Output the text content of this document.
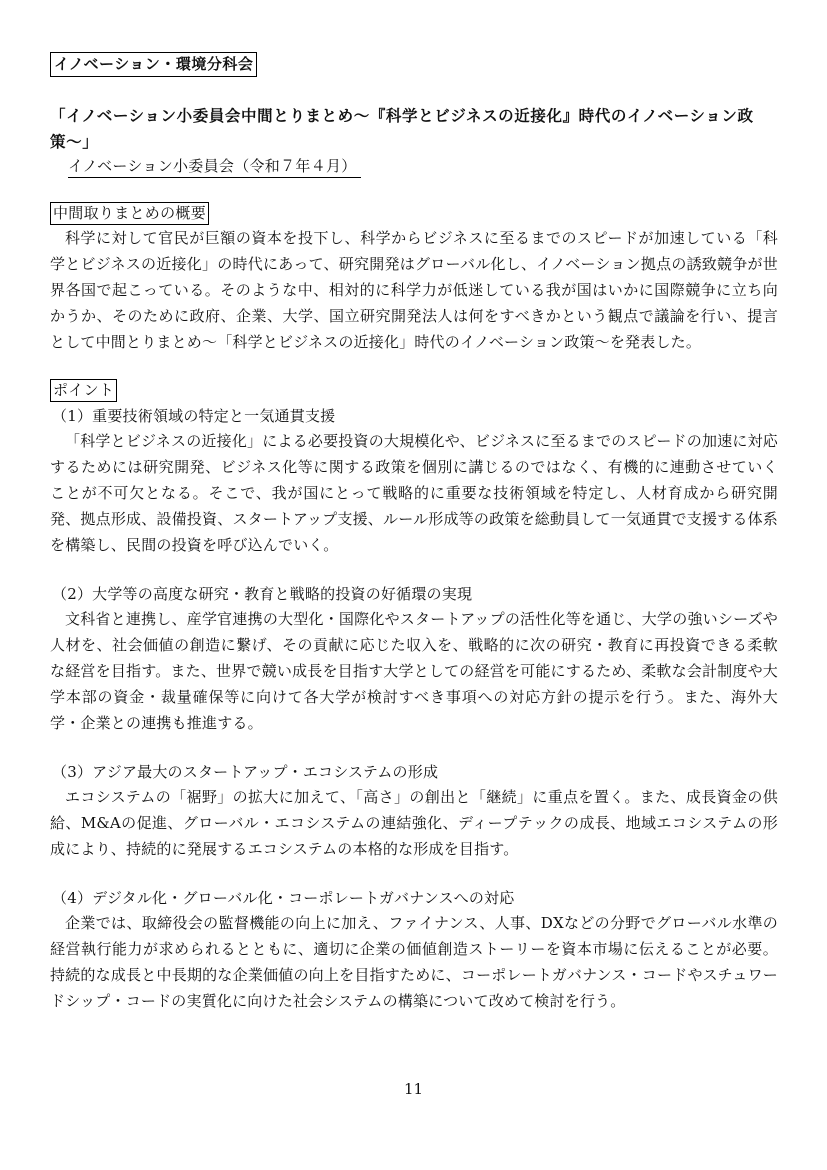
イノベーション・環境分科会
「イノベーション小委員会中間とりまとめ〜『科学とビジネスの近接化』時代のイノベーション政策〜」
イノベーション小委員会（令和７年４月）
中間取りまとめの概要

科学に対して官民が巨額の資本を投下し、科学からビジネスに至るまでのスピードが加速している「科学とビジネスの近接化」の時代にあって、研究開発はグローバル化し、イノベーション拠点の誘致競争が世界各国で起こっている。そのような中、相対的に科学力が低迷している我が国はいかに国際競争に立ち向かうか、そのために政府、企業、大学、国立研究開発法人は何をすべきかという観点で議論を行い、提言として中間とりまとめ〜「科学とビジネスの近接化」時代のイノベーション政策〜を発表した。

ポイント

（1）重要技術領域の特定と一気通貫支援

「科学とビジネスの近接化」による必要投資の大規模化や、ビジネスに至るまでのスピードの加速に対応するためには研究開発、ビジネス化等に関する政策を個別に講じるのではなく、有機的に連動させていくことが不可欠となる。そこで、我が国にとって戦略的に重要な技術領域を特定し、人材育成から研究開発、拠点形成、設備投資、スタートアップ支援、ルール形成等の政策を総動員して一気通貫で支援する体系を構築し、民間の投資を呼び込んでいく。

（2）大学等の高度な研究・教育と戦略的投資の好循環の実現

文科省と連携し、産学官連携の大型化・国際化やスタートアップの活性化等を通じ、大学の強いシーズや人材を、社会価値の創造に繋げ、その貢献に応じた収入を、戦略的に次の研究・教育に再投資できる柔軟な経営を目指す。また、世界で競い成長を目指す大学としての経営を可能にするため、柔軟な会計制度や大学本部の資金・裁量確保等に向けて各大学が検討すべき事項への対応方針の提示を行う。また、海外大学・企業との連携も推進する。

（3）アジア最大のスタートアップ・エコシステムの形成

エコシステムの「裾野」の拡大に加えて、「高さ」の創出と「継続」に重点を置く。また、成長資金の供給、M&Aの促進、グローバル・エコシステムの連結強化、ディープテックの成長、地域エコシステムの形成により、持続的に発展するエコシステムの本格的な形成を目指す。

（4）デジタル化・グローバル化・コーポレートガバナンスへの対応

企業では、取締役会の監督機能の向上に加え、ファイナンス、人事、DXなどの分野でグローバル水準の経営執行能力が求められるとともに、適切に企業の価値創造ストーリーを資本市場に伝えることが必要。持続的な成長と中長期的な企業価値の向上を目指すために、コーポレートガバナンス・コードやスチュワードシップ・コードの実質化に向けた社会システムの構築について改めて検討を行う。

11
